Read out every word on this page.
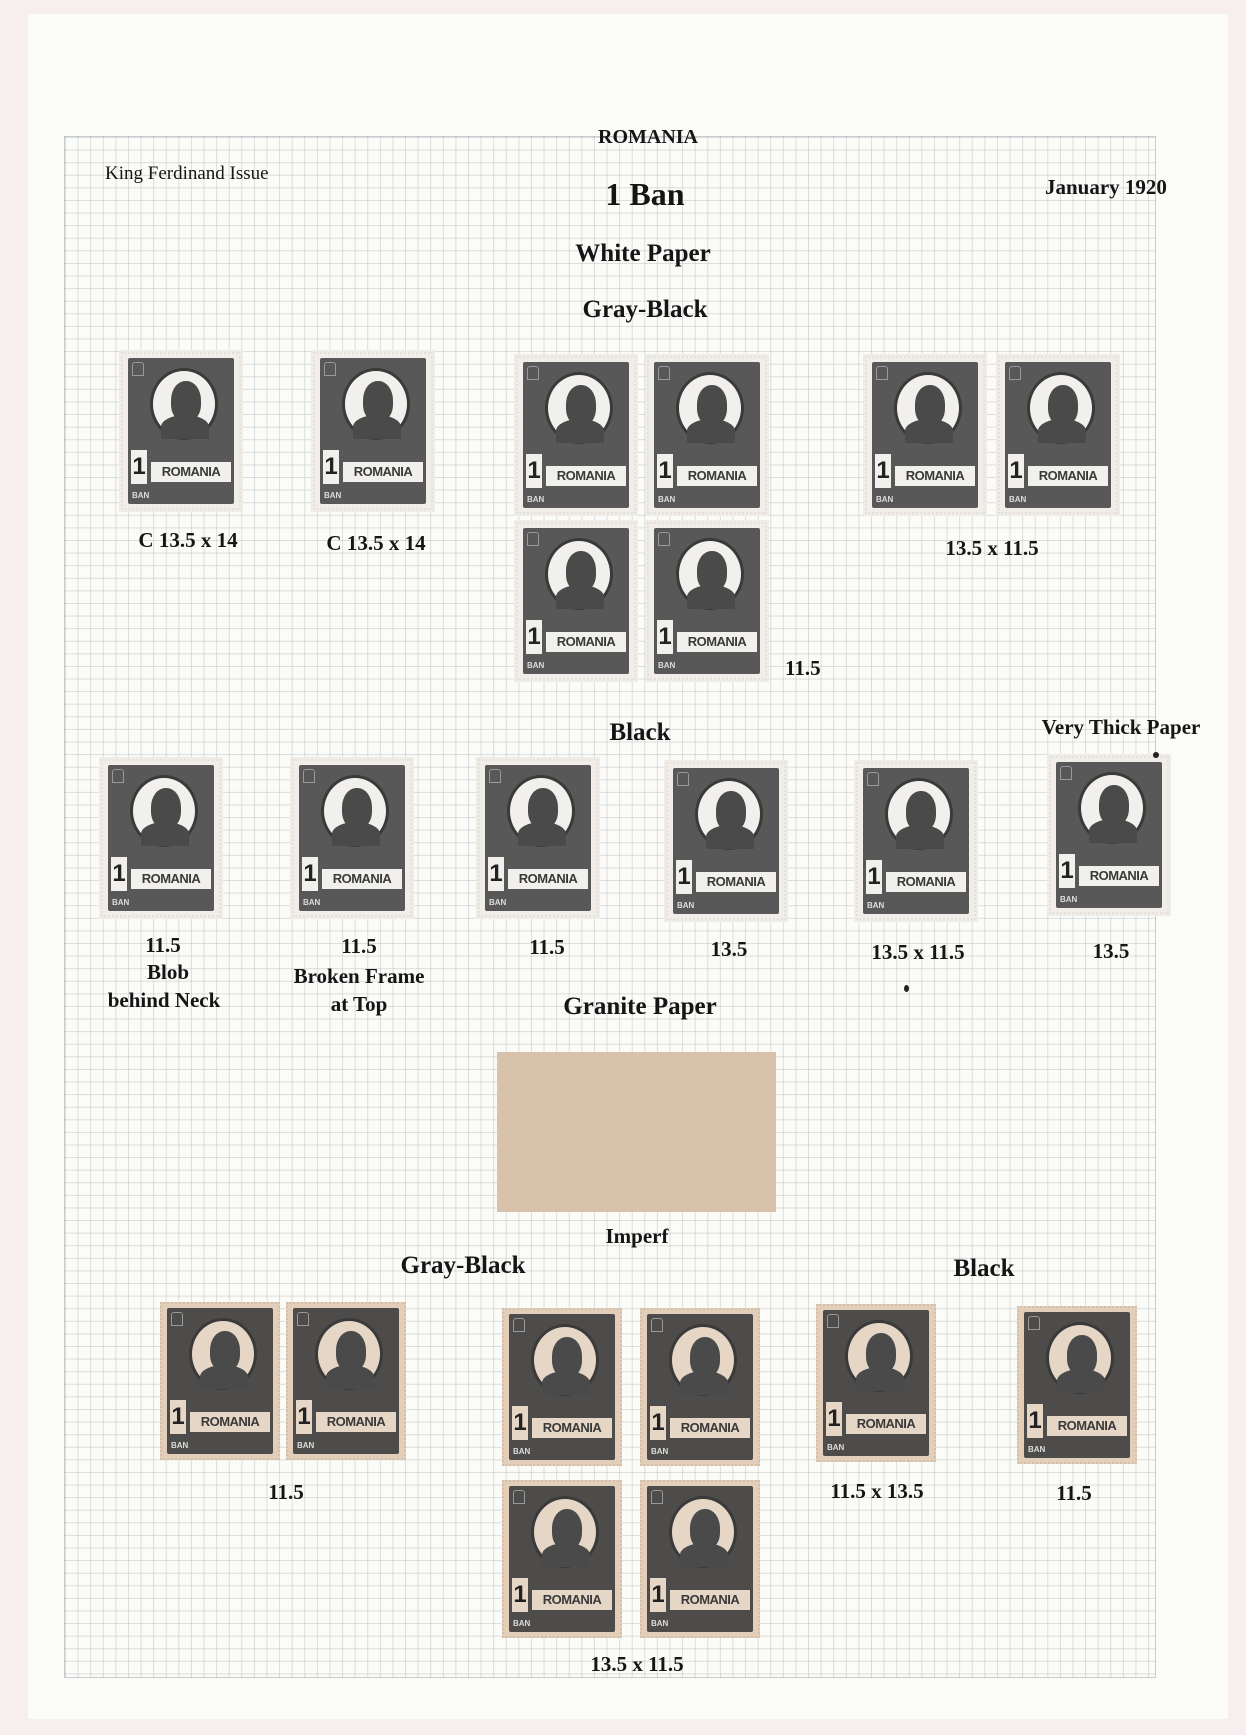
ROMANIA
King Ferdinand Issue
1 Ban	January 1920
White Paper
Gray-Black
1	ROMANIA
BAN
1	ROMANIA
BAN
1	ROMANIA
BAN
1	ROMANIA
BAN
1	ROMANIA
BAN
1	ROMANIA
BAN
1	ROMANIA
BAN
1	ROMANIA
BAN
1	ROMANIA
BAN
1	ROMANIA
BAN
1	ROMANIA
BAN
1	ROMANIA
BAN
1	ROMANIA
BAN
1	ROMANIA
BAN
1	ROMANIA
BAN
1	ROMANIA
BAN
1	ROMANIA
BAN
1	ROMANIA
BAN
1	ROMANIA
BAN
1	ROMANIA
BAN
1	ROMANIA
BAN
1	ROMANIA
BAN
C 13.5 x 14	C 13.5 x 14
11.5
13.5 x 11.5
Black	Very Thick Paper
11.5	11.5	11.5	13.5	13.5 x 11.5	13.5
Blob
behind Neck
Broken Frame
at Top	Granite Paper
Imperf
Gray-Black	Black
11.5
13.5 x 11.5
11.5 x 13.5	11.5
